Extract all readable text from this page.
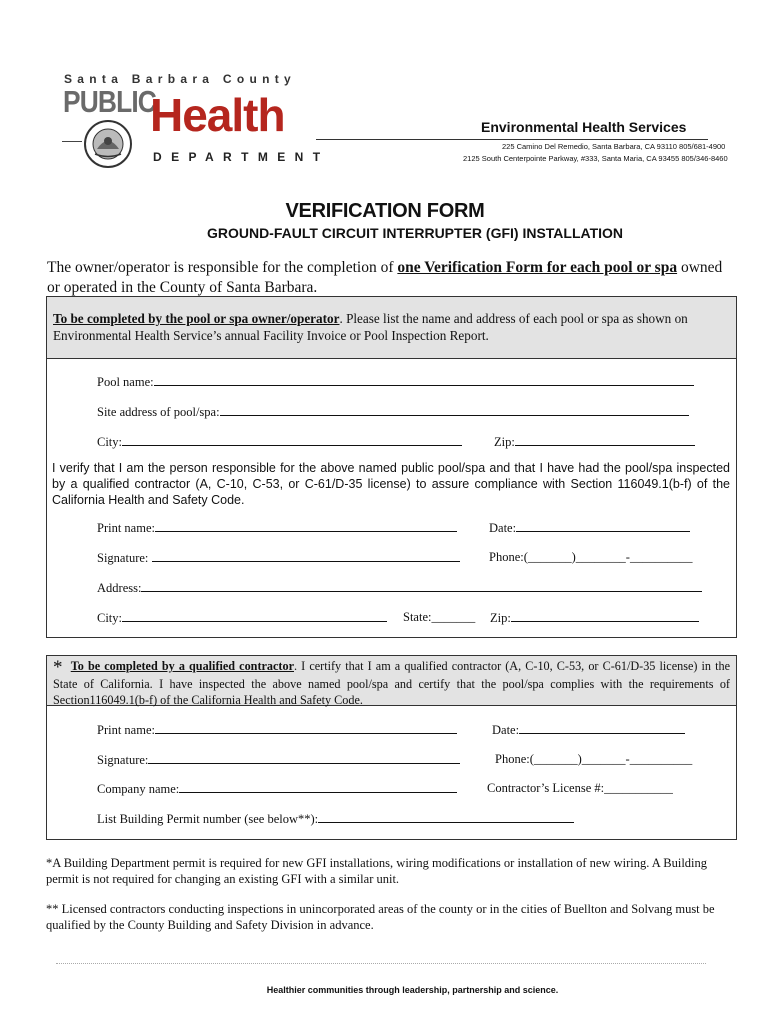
Santa Barbara County
PUBLIC
Health
DEPARTMENT
Environmental Health Services
225 Camino Del Remedio, Santa Barbara, CA 93110 805/681-4900
2125 South Centerpointe Parkway, #333, Santa Maria, CA 93455 805/346-8460
VERIFICATION FORM
GROUND-FAULT CIRCUIT INTERRUPTER (GFI) INSTALLATION
The owner/operator is responsible for the completion of one Verification Form for each pool or spa owned or operated in the County of Santa Barbara.
To be completed by the pool or spa owner/operator. Please list the name and address of each pool or spa as shown on Environmental Health Service’s annual Facility Invoice or Pool Inspection Report.
Pool name:
Site address of pool/spa:
City:	Zip:
I verify that I am the person responsible for the above named public pool/spa and that I have had the pool/spa inspected by a qualified contractor (A, C-10, C-53, or C-61/D-35 license) to assure compliance with Section 116049.1(b-f) of the California Health and Safety Code.
Print name:	Date:
Signature:	Phone:(_______)________-__________
Address:
City:	State:_______ Zip:
* To be completed by a qualified contractor. I certify that I am a qualified contractor (A, C-10, C-53, or C-61/D-35 license) in the State of California. I have inspected the above named pool/spa and certify that the pool/spa complies with the requirements of Section116049.1(b-f) of the California Health and Safety Code.
Print name:	Date:
Signature:	Phone:(_______)_______-__________
Company name:	Contractor’s License #:___________
List Building Permit number (see below**):
*A Building Department permit is required for new GFI installations, wiring modifications or installation of new wiring. A Building permit is not required for changing an existing GFI with a similar unit.
** Licensed contractors conducting inspections in unincorporated areas of the county or in the cities of Buellton and Solvang must be qualified by the County Building and Safety Division in advance.
Healthier communities through leadership, partnership and science.
